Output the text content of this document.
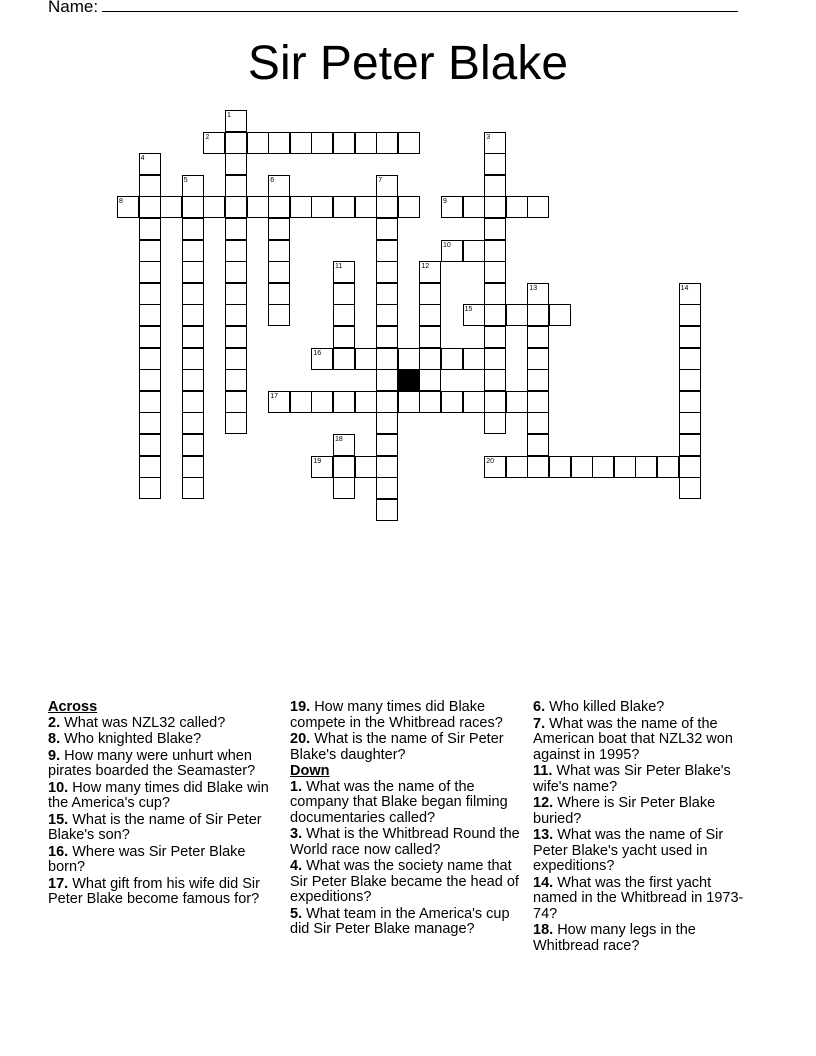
Name:
Sir Peter Blake
1
2	3
4
5	6	7
8	9
10
11	12
13	14
15
16
17
18
19	20
Across
2. What was NZL32 called?
8. Who knighted Blake?
9. How many were unhurt when pirates boarded the Seamaster?
10. How many times did Blake win the America's cup?
15. What is the name of Sir Peter Blake's son?
16. Where was Sir Peter Blake born?
17. What gift from his wife did Sir Peter Blake become famous for?
19. How many times did Blake compete in the Whitbread races?
20. What is the name of Sir Peter Blake's daughter?
Down
1. What was the name of the company that Blake began filming documentaries called?
3. What is the Whitbread Round the World race now called?
4. What was the society name that Sir Peter Blake became the head of expeditions?
5. What team in the America's cup did Sir Peter Blake manage?
6. Who killed Blake?
7. What was the name of the American boat that NZL32 won against in 1995?
11. What was Sir Peter Blake's wife's name?
12. Where is Sir Peter Blake buried?
13. What was the name of Sir Peter Blake's yacht used in expeditions?
14. What was the first yacht named in the Whitbread in 1973-74?
18. How many legs in the Whitbread race?
